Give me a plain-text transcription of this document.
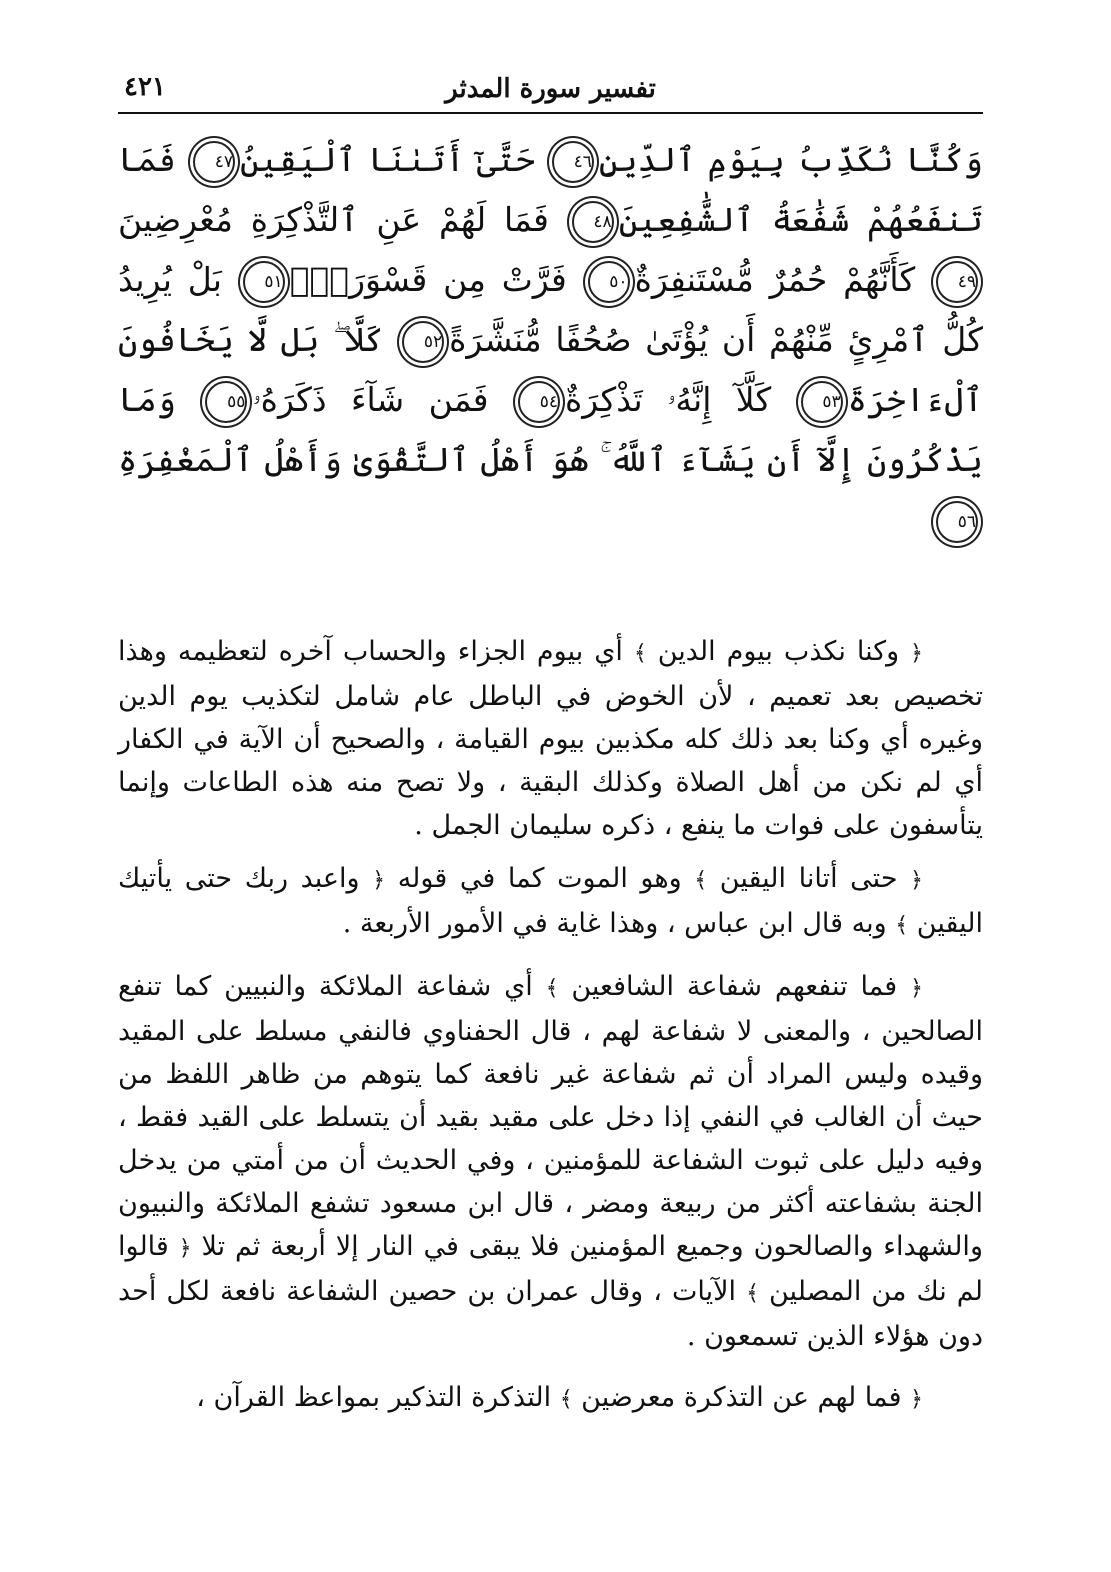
تفسير سورة المدثر
٤٢١
وَكُنَّا نُكَذِّبُ بِيَوْمِ ٱلدِّينِ٤٦ حَتَّىٰٓ أَتَىٰنَا ٱلْيَقِينُ٤٧ فَمَا تَنفَعُهُمْ شَفَٰعَةُ ٱلشَّٰفِعِينَ٤٨ فَمَا لَهُمْ عَنِ ٱلتَّذْكِرَةِ مُعْرِضِينَ٤٩ كَأَنَّهُمْ حُمُرٌ مُّسْتَنفِرَةٌ٥٠ فَرَّتْ مِن قَسْوَرَةٍۭ٥١ بَلْ يُرِيدُ كُلُّ ٱمْرِئٍ مِّنْهُمْ أَن يُؤْتَىٰ صُحُفًا مُّنَشَّرَةً٥٢ كَلَّا ۖ بَل لَّا يَخَافُونَ ٱلْءَاخِرَةَ٥٣ كَلَّآ إِنَّهُۥ تَذْكِرَةٌ٥٤ فَمَن شَآءَ ذَكَرَهُۥ٥٥ وَمَا يَذْكُرُونَ إِلَّآ أَن يَشَآءَ ٱللَّهُ ۚ هُوَ أَهْلُ ٱلتَّقْوَىٰ وَأَهْلُ ٱلْمَغْفِرَةِ٥٦

﴿ وكنا نكذب بيوم الدين ﴾ أي بيوم الجزاء والحساب آخره لتعظيمه وهذا تخصيص بعد تعميم ، لأن الخوض في الباطل عام شامل لتكذيب يوم الدين وغيره أي وكنا بعد ذلك كله مكذبين بيوم القيامة ، والصحيح أن الآية في الكفار أي لم نكن من أهل الصلاة وكذلك البقية ، ولا تصح منه هذه الطاعات وإنما يتأسفون على فوات ما ينفع ، ذكره سليمان الجمل .

﴿ حتى أتانا اليقين ﴾ وهو الموت كما في قوله ﴿ واعبد ربك حتى يأتيك اليقين ﴾ وبه قال ابن عباس ، وهذا غاية في الأمور الأربعة .

﴿ فما تنفعهم شفاعة الشافعين ﴾ أي شفاعة الملائكة والنبيين كما تنفع الصالحين ، والمعنى لا شفاعة لهم ، قال الحفناوي فالنفي مسلط على المقيد وقيده وليس المراد أن ثم شفاعة غير نافعة كما يتوهم من ظاهر اللفظ من حيث أن الغالب في النفي إذا دخل على مقيد بقيد أن يتسلط على القيد فقط ، وفيه دليل على ثبوت الشفاعة للمؤمنين ، وفي الحديث أن من أمتي من يدخل الجنة بشفاعته أكثر من ربيعة ومضر ، قال ابن مسعود تشفع الملائكة والنبيون والشهداء والصالحون وجميع المؤمنين فلا يبقى في النار إلا أربعة ثم تلا ﴿ قالوا لم نك من المصلين ﴾ الآيات ، وقال عمران بن حصين الشفاعة نافعة لكل أحد دون هؤلاء الذين تسمعون .

﴿ فما لهم عن التذكرة معرضين ﴾ التذكرة التذكير بمواعظ القرآن ،
